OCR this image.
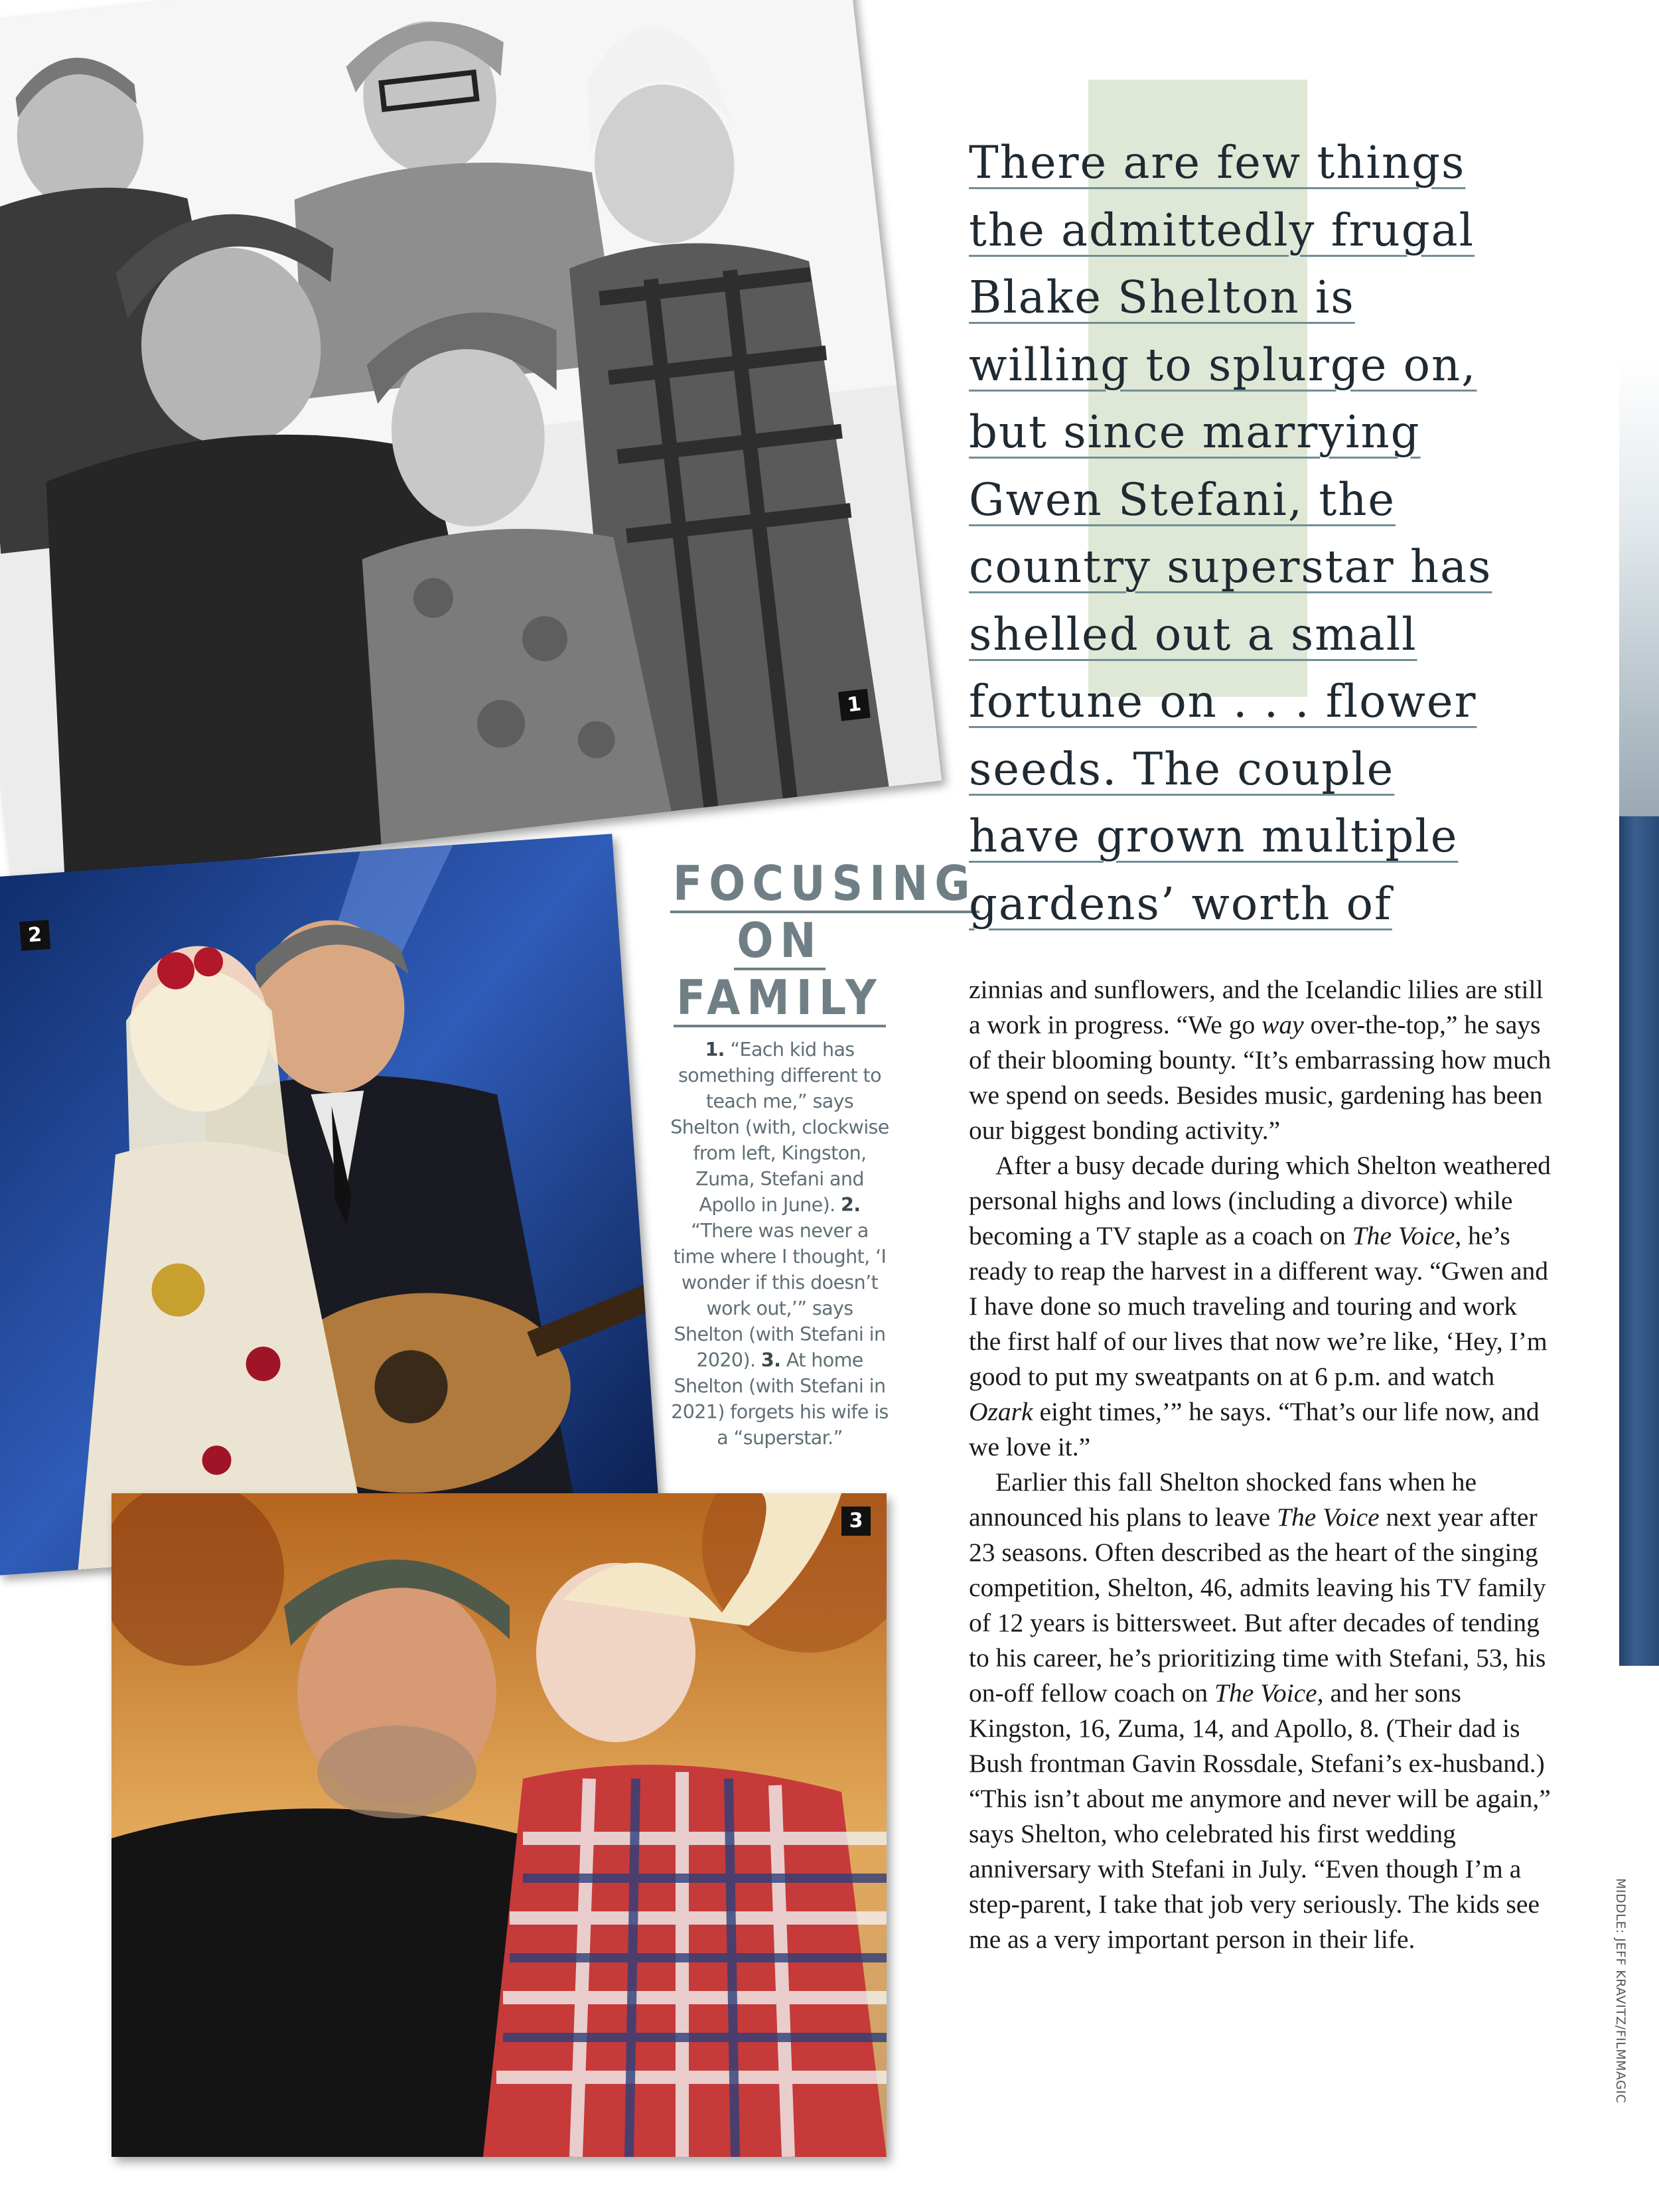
1
2
3
FOCUSING
ON
FAMILY
1. “Each kid has something different to teach me,” says Shelton (with, clockwise from left, Kingston, Zuma, Stefani and Apollo in June). 2. “There was never a time where I thought, ‘I wonder if this doesn’t work out,’” says Shelton (with Stefani in 2020). 3. At home Shelton (with Stefani in 2021) forgets his wife is a “superstar.”

There are few things
the admittedly frugal
Blake Shelton is
willing to splurge on,
but since marrying
Gwen Stefani, the
country superstar has
shelled out a small
fortune on . . . flower
seeds. The couple
have grown multiple
gardens’ worth of

zinnias and sunflowers, and the Icelandic lilies are still a work in progress. “We go way over-the-top,” he says of their blooming bounty. “It’s embarrassing how much we spend on seeds. Besides music, gardening has been our biggest bonding activity.”

After a busy decade during which Shelton weathered personal highs and lows (including a divorce) while becoming a TV staple as a coach on The Voice, he’s ready to reap the harvest in a different way. “Gwen and I have done so much traveling and touring and work the first half of our lives that now we’re like, ‘Hey, I’m good to put my sweatpants on at 6 p.m. and watch Ozark eight times,’” he says. “That’s our life now, and we love it.”

Earlier this fall Shelton shocked fans when he announced his plans to leave The Voice next year after 23 seasons. Often described as the heart of the singing competition, Shelton, 46, admits leaving his TV family of 12 years is bittersweet. But after decades of tending to his career, he’s prioritizing time with Stefani, 53, his on-off fellow coach on The Voice, and her sons Kingston, 16, Zuma, 14, and Apollo, 8. (Their dad is Bush frontman Gavin Rossdale, Stefani’s ex-husband.) “This isn’t about me anymore and never will be again,” says Shelton, who celebrated his first wedding anniversary with Stefani in July. “Even though I’m a step-parent, I take that job very seriously. The kids see me as a very important person in their life.	MIDDLE: JEFF KRAVITZ/FILMMAGIC
